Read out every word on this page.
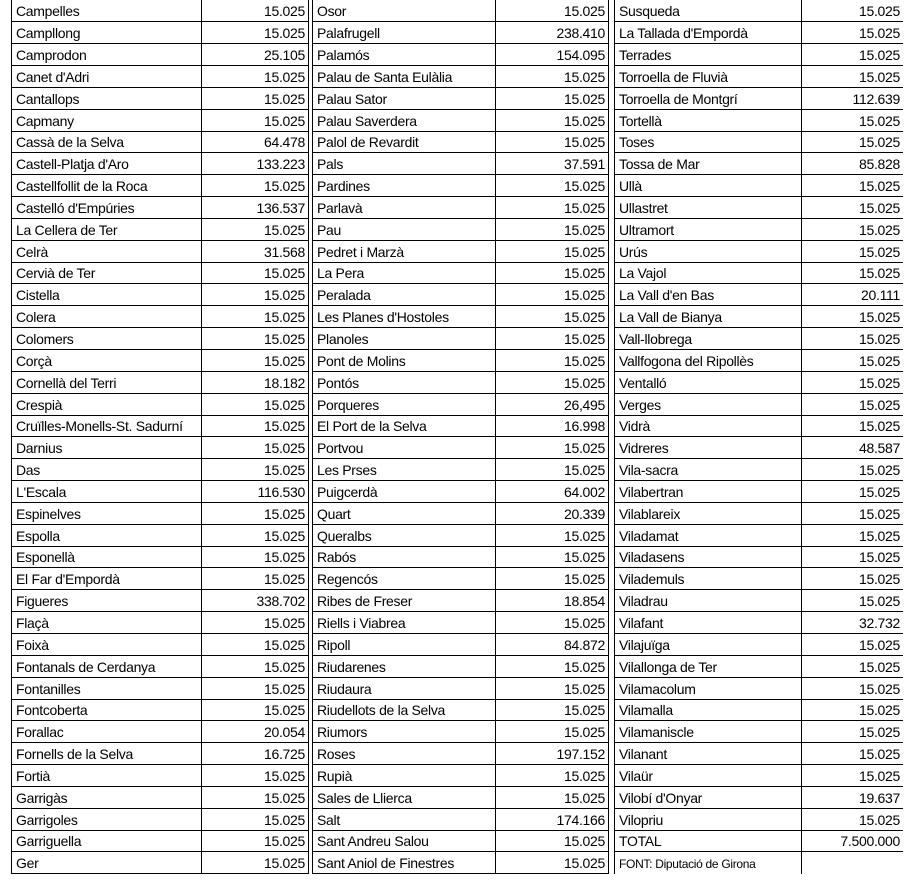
Campelles	15.025
Campllong	15.025
Camprodon	25.105
Canet d'Adri	15.025
Cantallops	15.025
Capmany	15.025
Cassà de la Selva	64.478
Castell-Platja d'Aro	133.223
Castellfollit de la Roca	15.025
Castelló d'Empúries	136.537
La Cellera de Ter	15.025
Celrà	31.568
Cervià de Ter	15.025
Cistella	15.025
Colera	15.025
Colomers	15.025
Corçà	15.025
Cornellà del Terri	18.182
Crespià	15.025
Cruïlles-Monells-St. Sadurní	15.025
Darnius	15.025
Das	15.025
L'Escala	116.530
Espinelves	15.025
Espolla	15.025
Esponellà	15.025
El Far d'Empordà	15.025
Figueres	338.702
Flaçà	15.025
Foixà	15.025
Fontanals de Cerdanya	15.025
Fontanilles	15.025
Fontcoberta	15.025
Forallac	20.054
Fornells de la Selva	16.725
Fortià	15.025
Garrigàs	15.025
Garrigoles	15.025
Garriguella	15.025
Ger	15.025
Osor	15.025
Palafrugell	238.410
Palamós	154.095
Palau de Santa Eulàlia	15.025
Palau Sator	15.025
Palau Saverdera	15.025
Palol de Revardit	15.025
Pals	37.591
Pardines	15.025
Parlavà	15.025
Pau	15.025
Pedret i Marzà	15.025
La Pera	15.025
Peralada	15.025
Les Planes d'Hostoles	15.025
Planoles	15.025
Pont de Molins	15.025
Pontós	15.025
Porqueres	26,495
El Port de la Selva	16.998
Portvou	15.025
Les Prses	15.025
Puigcerdà	64.002
Quart	20.339
Queralbs	15.025
Rabós	15.025
Regencós	15.025
Ribes de Freser	18.854
Riells i Viabrea	15.025
Ripoll	84.872
Riudarenes	15.025
Riudaura	15.025
Riudellots de la Selva	15.025
Riumors	15.025
Roses	197.152
Rupià	15.025
Sales de Llierca	15.025
Salt	174.166
Sant Andreu Salou	15.025
Sant Aniol de Finestres	15.025
Susqueda	15.025
La Tallada d'Empordà	15.025
Terrades	15.025
Torroella de Fluvià	15.025
Torroella de Montgrí	112.639
Tortellà	15.025
Toses	15.025
Tossa de Mar	85.828
Ullà	15.025
Ullastret	15.025
Ultramort	15.025
Urús	15.025
La Vajol	15.025
La Vall d'en Bas	20.111
La Vall de Bianya	15.025
Vall-llobrega	15.025
Vallfogona del Ripollès	15.025
Ventalló	15.025
Verges	15.025
Vidrà	15.025
Vidreres	48.587
Vila-sacra	15.025
Vilabertran	15.025
Vilablareix	15.025
Viladamat	15.025
Viladasens	15.025
Vilademuls	15.025
Viladrau	15.025
Vilafant	32.732
Vilajuïga	15.025
Vilallonga de Ter	15.025
Vilamacolum	15.025
Vilamalla	15.025
Vilamaniscle	15.025
Vilanant	15.025
Vilaür	15.025
Vilobí d'Onyar	19.637
Vilopriu	15.025
TOTAL	7.500.000
FONT: Diputació de Girona	
